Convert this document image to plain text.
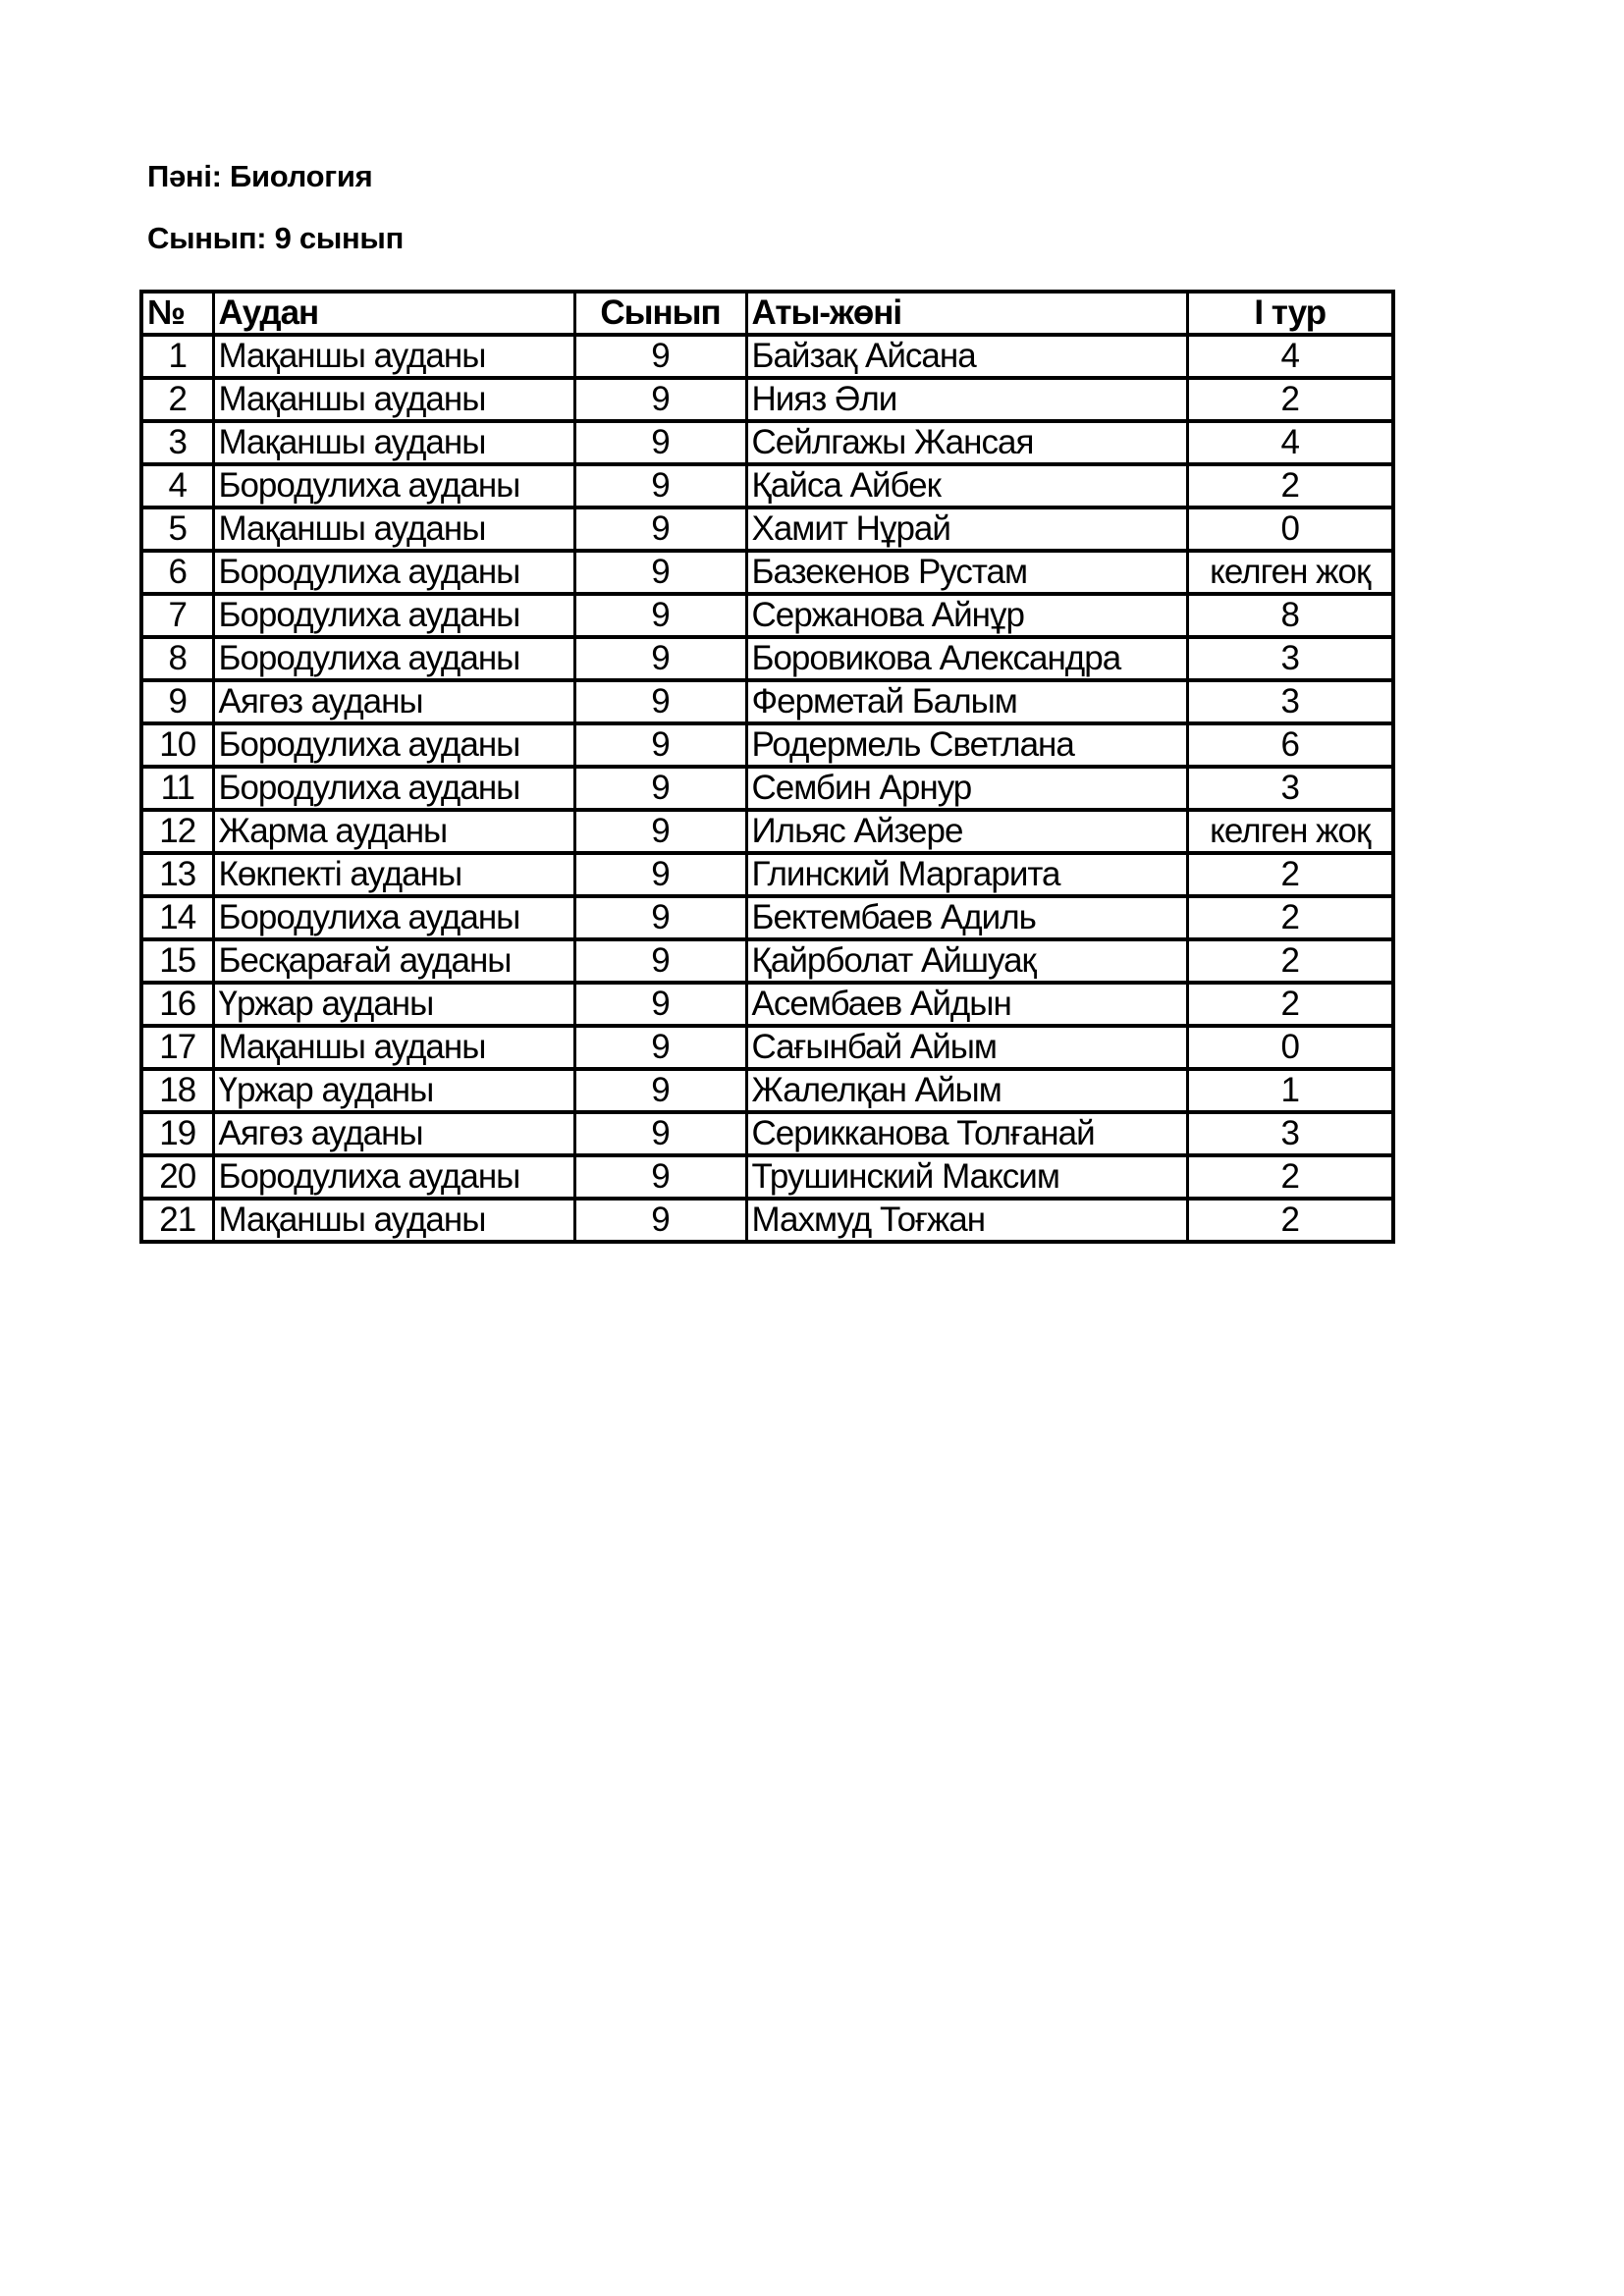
Пәні: Биология
Сынып: 9 сынып
№	Аудан	Сынып	Аты-жөні	І тур
1	Мақаншы ауданы	9	Байзақ Айсана	4
2	Мақаншы ауданы	9	Нияз Әли	2
3	Мақаншы ауданы	9	Сейлгажы Жансая	4
4	Бородулиха ауданы	9	Қайса Айбек	2
5	Мақаншы ауданы	9	Хамит Нұрай	0
6	Бородулиха ауданы	9	Базекенов Рустам	келген жоқ
7	Бородулиха ауданы	9	Сержанова Айнұр	8
8	Бородулиха ауданы	9	Боровикова Александра	3
9	Аягөз ауданы	9	Ферметай Балым	3
10	Бородулиха ауданы	9	Родермель Светлана	6
11	Бородулиха ауданы	9	Сембин Арнур	3
12	Жарма ауданы	9	Ильяс Айзере	келген жоқ
13	Көкпекті ауданы	9	Глинский Маргарита	2
14	Бородулиха ауданы	9	Бектембаев Адиль	2
15	Бесқарағай ауданы	9	Қайрболат Айшуақ	2
16	Үржар ауданы	9	Асембаев Айдын	2
17	Мақаншы ауданы	9	Сағынбай Айым	0
18	Үржар ауданы	9	Жалелқан Айым	1
19	Аягөз ауданы	9	Серикканова Толғанай	3
20	Бородулиха ауданы	9	Трушинский Максим	2
21	Мақаншы ауданы	9	Махмуд Тоғжан	2
